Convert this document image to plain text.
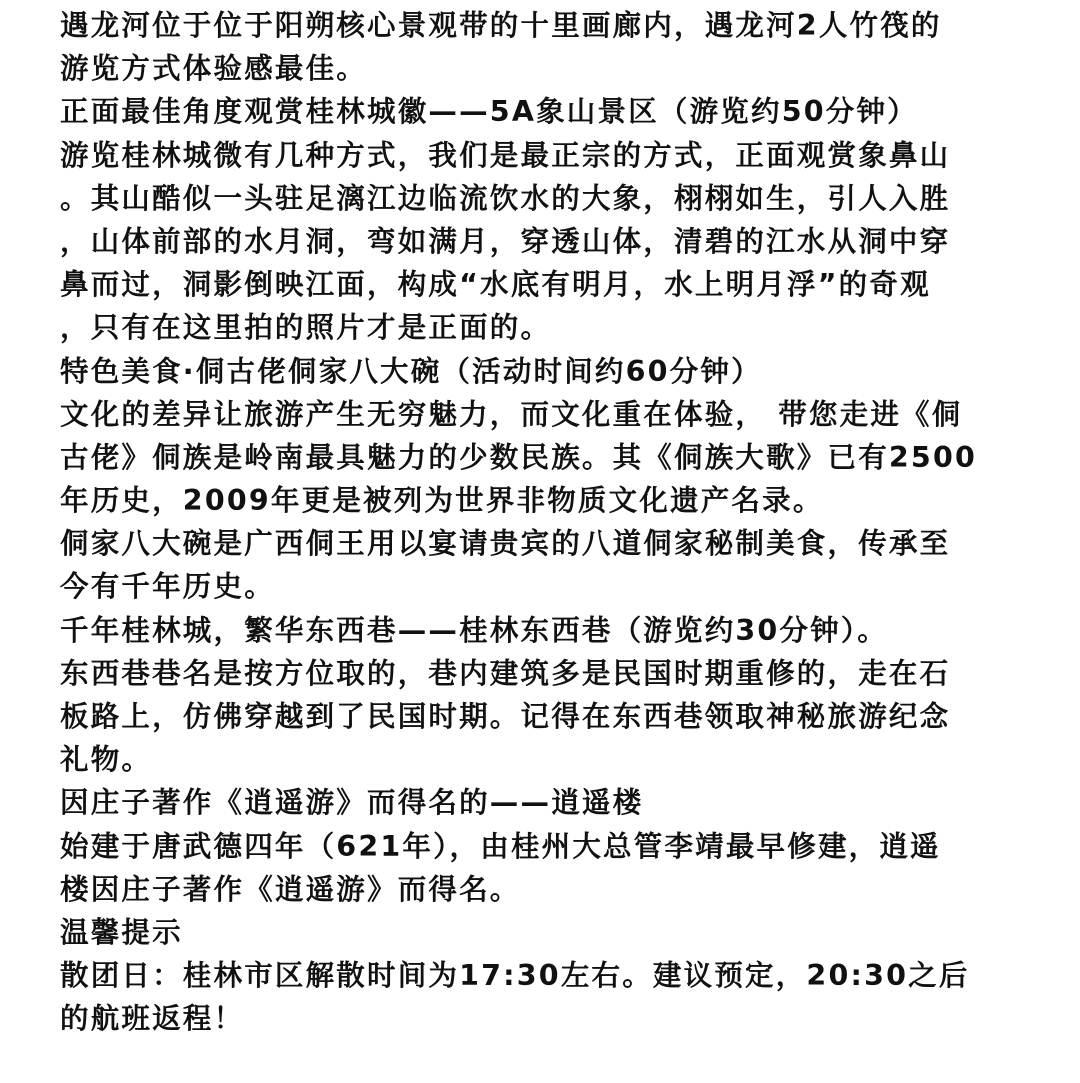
遇龙河位于位于阳朔核心景观带的十里画廊内，遇龙河2人竹筏的
游览方式体验感最佳。
正面最佳角度观赏桂林城徽——5A象山景区（游览约50分钟）
游览桂林城微有几种方式，我们是最正宗的方式，正面观赏象鼻山
。其山酷似一头驻足漓江边临流饮水的大象，栩栩如生，引人入胜
，山体前部的水月洞，弯如满月，穿透山体，清碧的江水从洞中穿
鼻而过，洞影倒映江面，构成“水底有明月，水上明月浮”的奇观
，只有在这里拍的照片才是正面的。
特色美食·侗古佬侗家八大碗（活动时间约60分钟）
文化的差异让旅游产生无穷魅力，而文化重在体验， 带您走进《侗
古佬》侗族是岭南最具魅力的少数民族。其《侗族大歌》已有2500
年历史，2009年更是被列为世界非物质文化遗产名录。
侗家八大碗是广西侗王用以宴请贵宾的八道侗家秘制美食，传承至
今有千年历史。
千年桂林城，繁华东西巷——桂林东西巷（游览约30分钟）。
东西巷巷名是按方位取的，巷内建筑多是民国时期重修的，走在石
板路上，仿佛穿越到了民国时期。记得在东西巷领取神秘旅游纪念
礼物。
因庄子著作《逍遥游》而得名的——逍遥楼
始建于唐武德四年（621年），由桂州大总管李靖最早修建，逍遥
楼因庄子著作《逍遥游》而得名。
温馨提示
散团日：桂林市区解散时间为17:30左右。建议预定，20:30之后
的航班返程！
